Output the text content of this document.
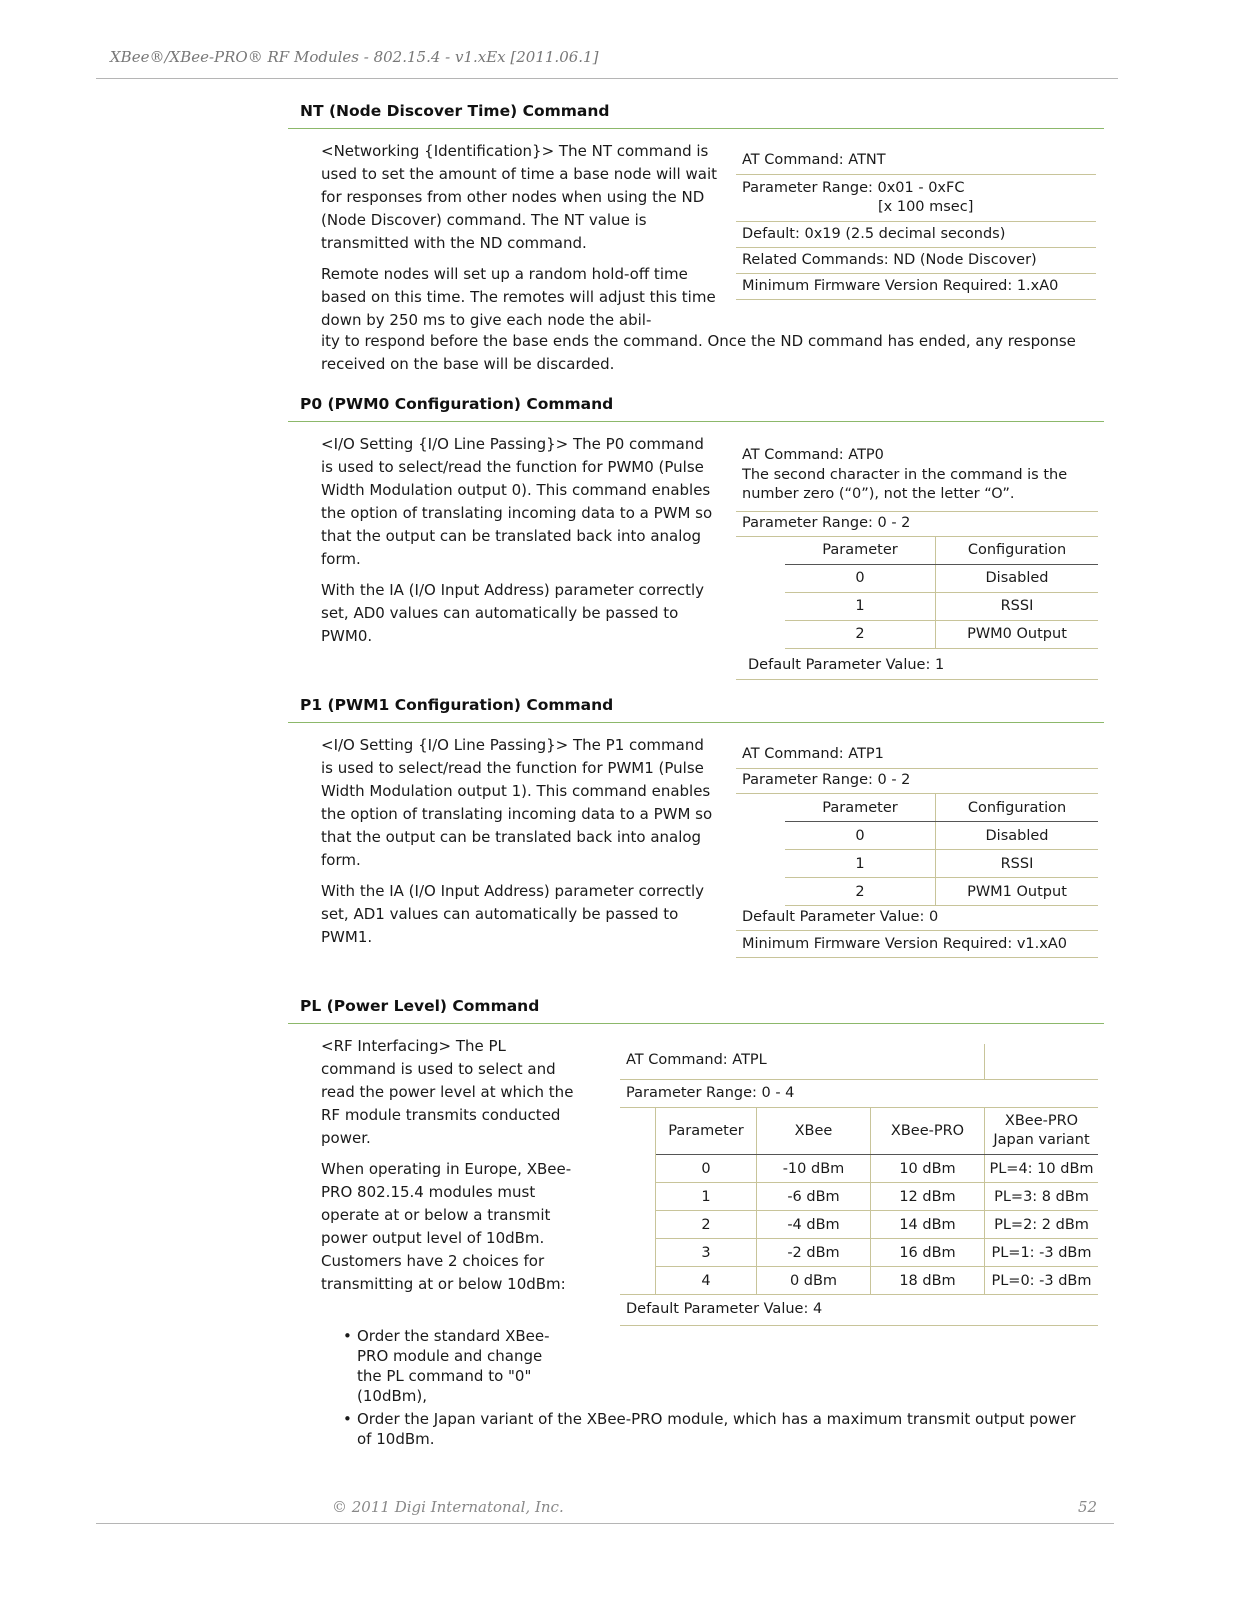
XBee®/XBee-PRO® RF Modules - 802.15.4 - v1.xEx [2011.06.1]
NT (Node Discover Time) Command

<Networking {Identification}> The NT command is used to set the amount of time a base node will wait for responses from other nodes when using the ND (Node Discover) command. The NT value is transmitted with the ND command.

Remote nodes will set up a random hold-off time based on this time. The remotes will adjust this time down by 250 ms to give each node the abil-

ity to respond before the base ends the command. Once the ND command has ended, any response received on the base will be discarded.
AT Command: ATNT
Parameter Range: 0x01 - 0xFC
[x 100 msec]
Default: 0x19 (2.5 decimal seconds)
Related Commands: ND (Node Discover)
Minimum Firmware Version Required: 1.xA0
P0 (PWM0 Configuration) Command

<I/O Setting {I/O Line Passing}> The P0 command is used to select/read the function for PWM0 (Pulse Width Modulation output 0). This command enables the option of translating incoming data to a PWM so that the output can be translated back into analog form.

With the IA (I/O Input Address) parameter correctly set, AD0 values can automatically be passed to PWM0.

AT Command: ATP0
The second character in the command is the number zero (“0”), not the letter “O”.
Parameter Range: 0 - 2
Parameter	Configuration
0	Disabled
1	RSSI
2	PWM0 Output
Default Parameter Value: 1
P1 (PWM1 Configuration) Command

<I/O Setting {I/O Line Passing}> The P1 command is used to select/read the function for PWM1 (Pulse Width Modulation output 1). This command enables the option of translating incoming data to a PWM so that the output can be translated back into analog form.

With the IA (I/O Input Address) parameter correctly set, AD1 values can automatically be passed to PWM1.

AT Command: ATP1
Parameter Range: 0 - 2
Parameter	Configuration
0	Disabled
1	RSSI
2	PWM1 Output
Default Parameter Value: 0
Minimum Firmware Version Required: v1.xA0
PL (Power Level) Command

<RF Interfacing> The PL command is used to select and read the power level at which the RF module transmits conducted power.

When operating in Europe, XBee-PRO 802.15.4 modules must operate at or below a transmit power output level of 10dBm. Customers have 2 choices for transmitting at or below 10dBm:

• Order the standard XBee-PRO module and change the PL command to "0" (10dBm),
• Order the Japan variant of the XBee-PRO module, which has a maximum transmit output power of 10dBm.
AT Command: ATPL
Parameter Range: 0 - 4
	Parameter	XBee	XBee-PRO	XBee-PRO
Japan variant

	0	-10 dBm	10 dBm	PL=4: 10 dBm
	1	-6 dBm	12 dBm	PL=3: 8 dBm
	2	-4 dBm	14 dBm	PL=2: 2 dBm
	3	-2 dBm	16 dBm	PL=1: -3 dBm
	4	0 dBm	18 dBm	PL=0: -3 dBm
Default Parameter Value: 4
© 2011 Digi Internatonal, Inc.	52
